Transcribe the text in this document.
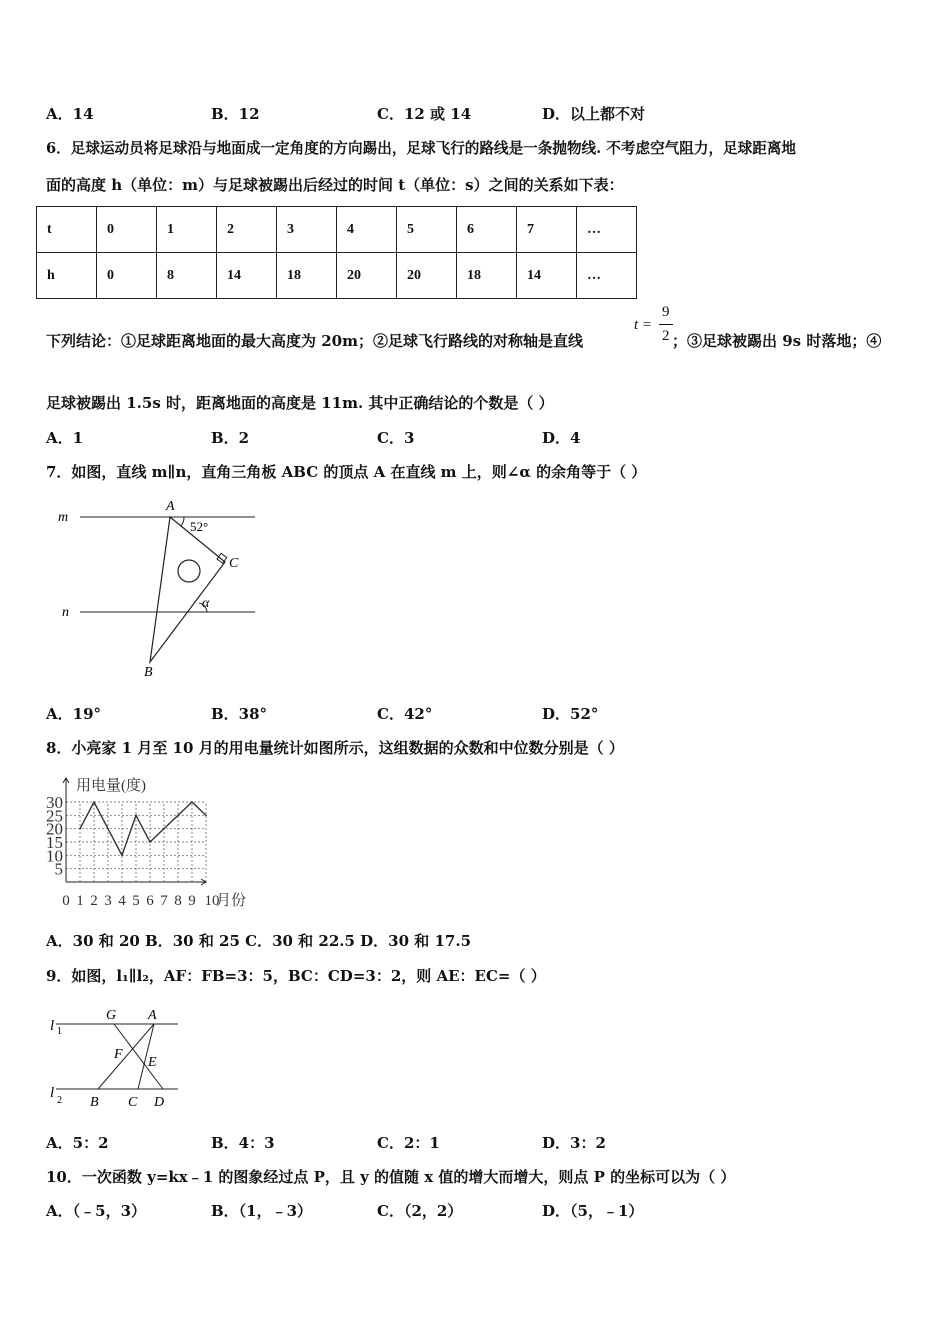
A．14	B．12	C．12 或 14	D．以上都不对
6．足球运动员将足球沿与地面成一定角度的方向踢出，足球飞行的路线是一条抛物线. 不考虑空气阻力，足球距离地
面的高度 h（单位：m）与足球被踢出后经过的时间 t（单位：s）之间的关系如下表：
t	0	1	2	3	4	5	6	7	…
h	0	8	14	18	20	20	18	14	…
下列结论：①足球距离地面的最大高度为 20m；②足球飞行路线的对称轴是直线
t =
9
2 ；③足球被踢出 9s 时落地；④
足球被踢出 1.5s 时，距离地面的高度是 11m. 其中正确结论的个数是（ ）
A．1	B．2	C．3	D．4
7．如图，直线 m∥n，直角三角板 ABC 的顶点 A 在直线 m 上，则∠α 的余角等于（ ）
m
n
A
B
C
52°
α
A．19°	B．38°	C．42°	D．52°
8．小亮家 1 月至 10 月的用电量统计如图所示，这组数据的众数和中位数分别是（ ）
用电量(度)
月份
5
10
15
20
25
30
0 1 2 3 4 5 6 7 8 9 10
A．30 和 20 B．30 和 25 C．30 和 22.5 D．30 和 17.5
9．如图，l₁∥l₂，AF：FB=3：5，BC：CD=3：2，则 AE：EC=（ ）
l 1
l 2
G A
F
E
B C D
A．5：2	B．4：3	C．2：1	D．3：2
10．一次函数 y=kx﹣1 的图象经过点 P，且 y 的值随 x 值的增大而增大，则点 P 的坐标可以为（ ）
A．（﹣5，3）	B．（1，﹣3）	C．（2，2）	D．（5，﹣1）
